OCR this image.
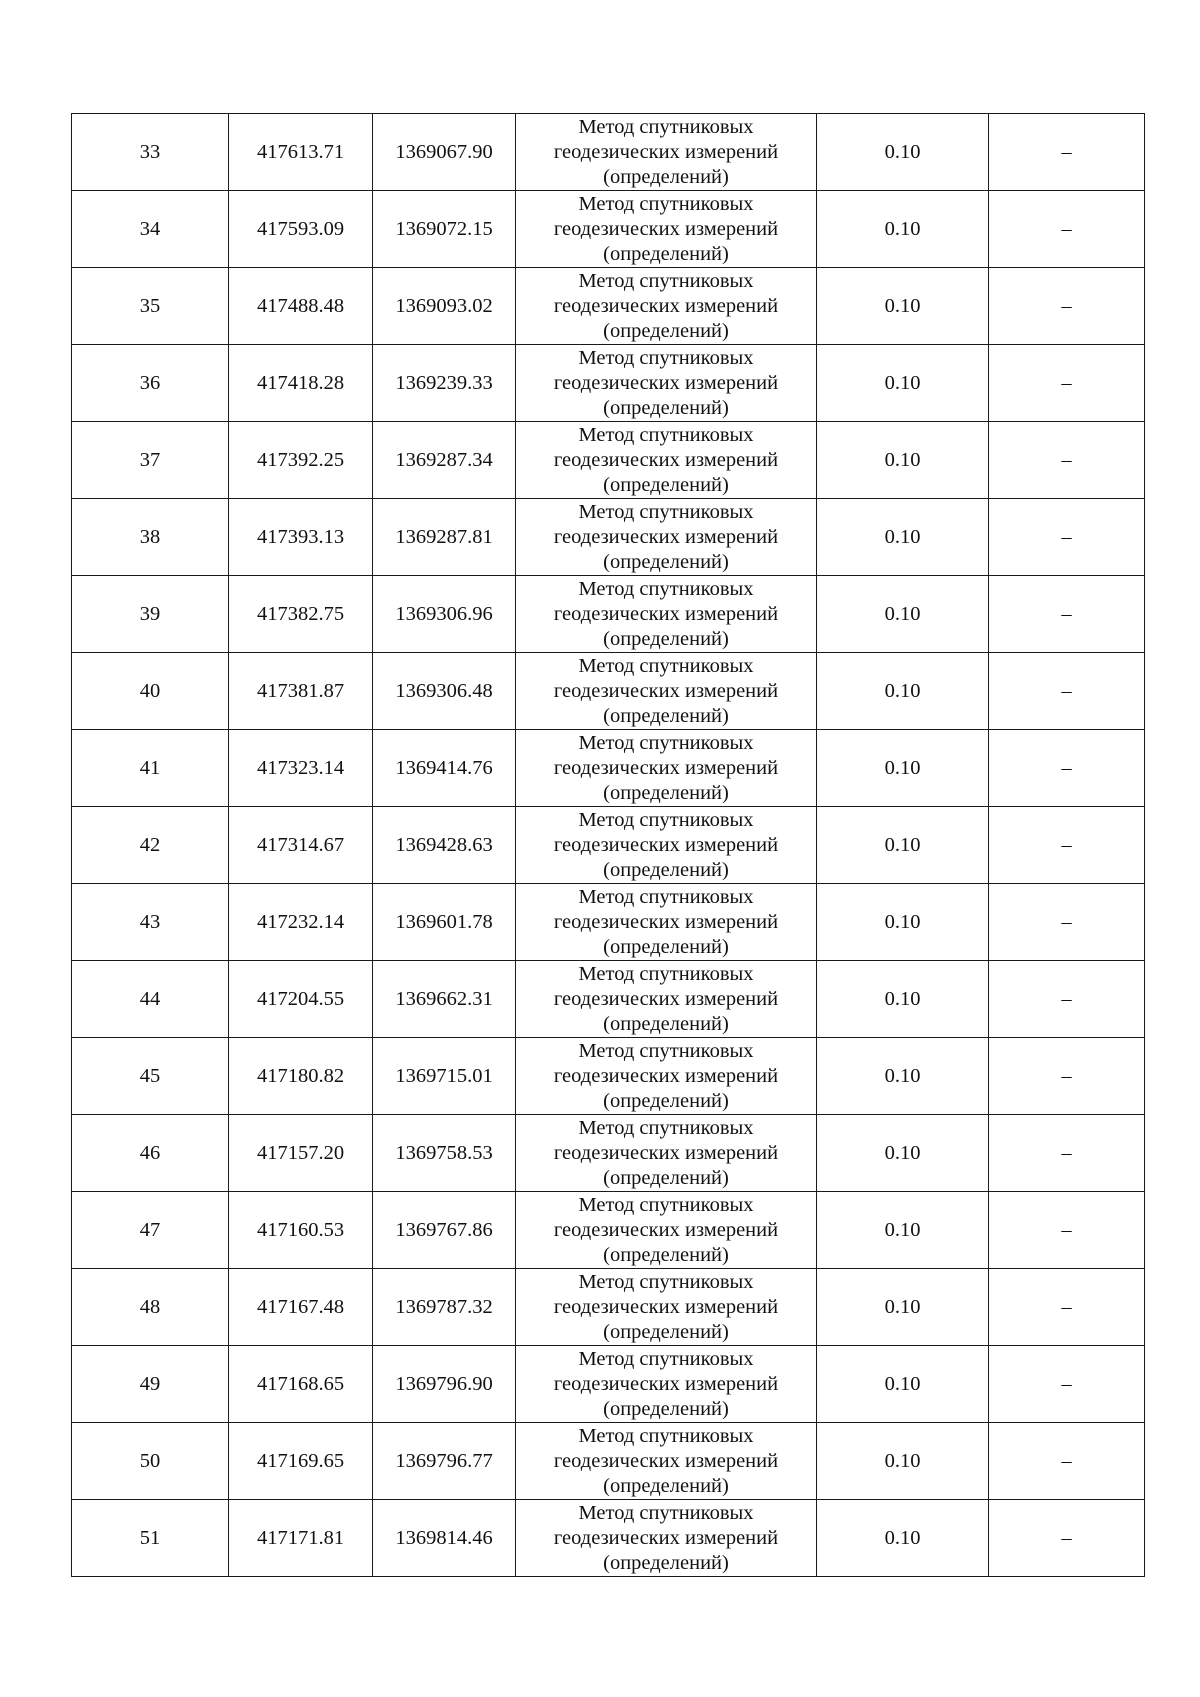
33	417613.71	1369067.90	Метод спутниковых
геодезических измерений
(определений)	0.10	–
34	417593.09	1369072.15	Метод спутниковых
геодезических измерений
(определений)	0.10	–
35	417488.48	1369093.02	Метод спутниковых
геодезических измерений
(определений)	0.10	–
36	417418.28	1369239.33	Метод спутниковых
геодезических измерений
(определений)	0.10	–
37	417392.25	1369287.34	Метод спутниковых
геодезических измерений
(определений)	0.10	–
38	417393.13	1369287.81	Метод спутниковых
геодезических измерений
(определений)	0.10	–
39	417382.75	1369306.96	Метод спутниковых
геодезических измерений
(определений)	0.10	–
40	417381.87	1369306.48	Метод спутниковых
геодезических измерений
(определений)	0.10	–
41	417323.14	1369414.76	Метод спутниковых
геодезических измерений
(определений)	0.10	–
42	417314.67	1369428.63	Метод спутниковых
геодезических измерений
(определений)	0.10	–
43	417232.14	1369601.78	Метод спутниковых
геодезических измерений
(определений)	0.10	–
44	417204.55	1369662.31	Метод спутниковых
геодезических измерений
(определений)	0.10	–
45	417180.82	1369715.01	Метод спутниковых
геодезических измерений
(определений)	0.10	–
46	417157.20	1369758.53	Метод спутниковых
геодезических измерений
(определений)	0.10	–
47	417160.53	1369767.86	Метод спутниковых
геодезических измерений
(определений)	0.10	–
48	417167.48	1369787.32	Метод спутниковых
геодезических измерений
(определений)	0.10	–
49	417168.65	1369796.90	Метод спутниковых
геодезических измерений
(определений)	0.10	–
50	417169.65	1369796.77	Метод спутниковых
геодезических измерений
(определений)	0.10	–
51	417171.81	1369814.46	Метод спутниковых
геодезических измерений
(определений)	0.10	–
